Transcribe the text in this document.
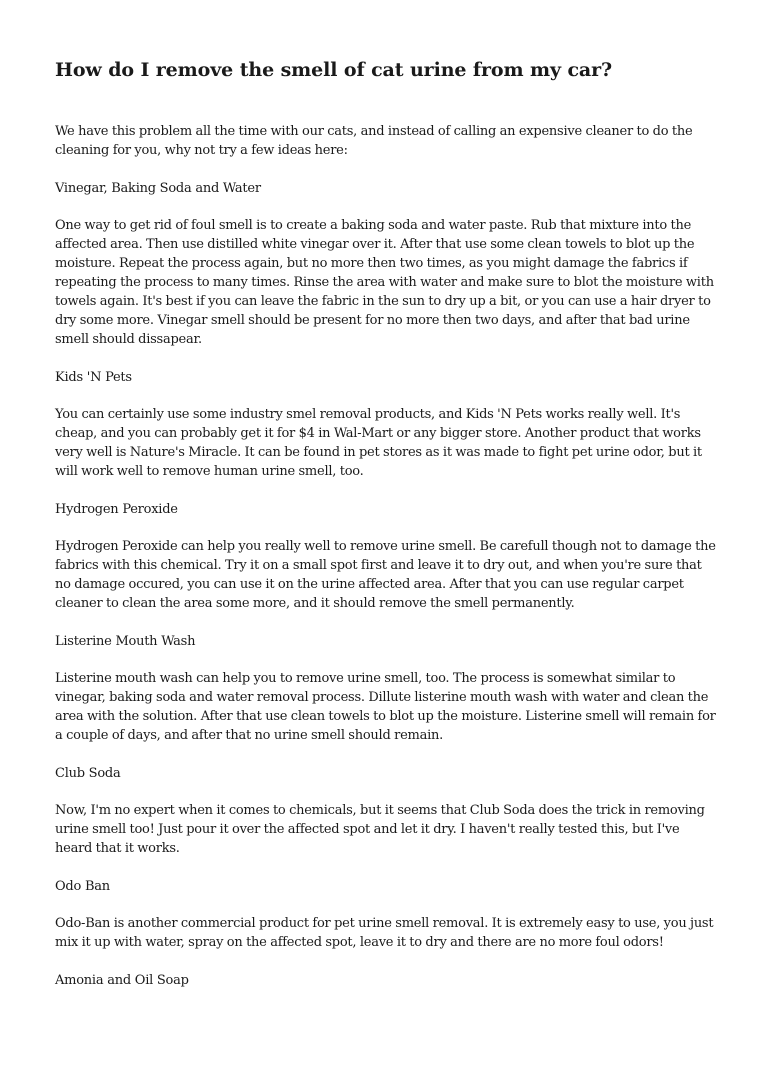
How do I remove the smell of cat urine from my car?

We have this problem all the time with our cats, and instead of calling an expensive cleaner to do the cleaning for you, why not try a few ideas here:

Vinegar, Baking Soda and Water

One way to get rid of foul smell is to create a baking soda and water paste. Rub that mixture into the affected area. Then use distilled white vinegar over it. After that use some clean towels to blot up the moisture. Repeat the process again, but no more then two times, as you might damage the fabrics if repeating the process to many times. Rinse the area with water and make sure to blot the moisture with towels again. It's best if you can leave the fabric in the sun to dry up a bit, or you can use a hair dryer to dry some more. Vinegar smell should be present for no more then two days, and after that bad urine smell should dissapear.

Kids 'N Pets

You can certainly use some industry smel removal products, and Kids 'N Pets works really well. It's cheap, and you can probably get it for $4 in Wal-Mart or any bigger store. Another product that works very well is Nature's Miracle. It can be found in pet stores as it was made to fight pet urine odor, but it will work well to remove human urine smell, too.

Hydrogen Peroxide

Hydrogen Peroxide can help you really well to remove urine smell. Be carefull though not to damage the fabrics with this chemical. Try it on a small spot first and leave it to dry out, and when you're sure that no damage occured, you can use it on the urine affected area. After that you can use regular carpet cleaner to clean the area some more, and it should remove the smell permanently.

Listerine Mouth Wash

Listerine mouth wash can help you to remove urine smell, too. The process is somewhat similar to vinegar, baking soda and water removal process. Dillute listerine mouth wash with water and clean the area with the solution. After that use clean towels to blot up the moisture. Listerine smell will remain for a couple of days, and after that no urine smell should remain.

Club Soda

Now, I'm no expert when it comes to chemicals, but it seems that Club Soda does the trick in removing urine smell too! Just pour it over the affected spot and let it dry. I haven't really tested this, but I've heard that it works.

Odo Ban

Odo-Ban is another commercial product for pet urine smell removal. It is extremely easy to use, you just mix it up with water, spray on the affected spot, leave it to dry and there are no more foul odors!

Amonia and Oil Soap
